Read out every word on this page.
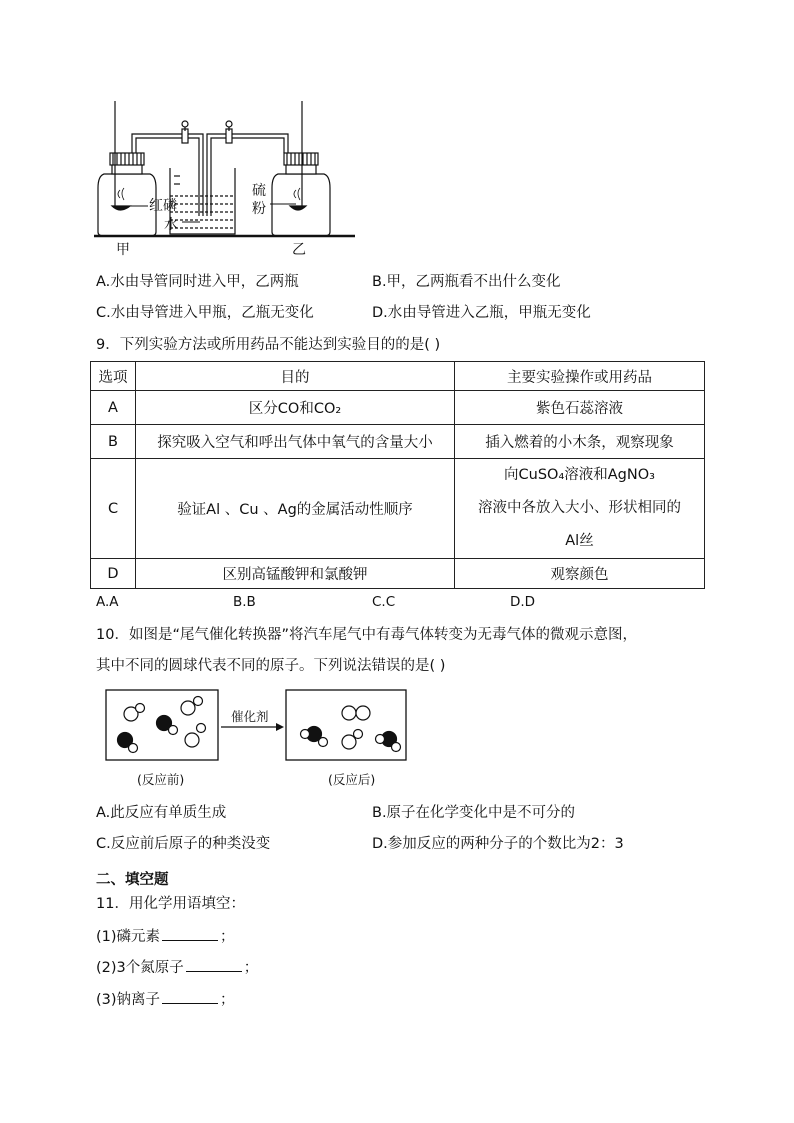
红磷
水
硫
粉
甲	乙
A.水由导管同时进入甲，乙两瓶	B.甲，乙两瓶看不出什么变化
C.水由导管进入甲瓶，乙瓶无变化	D.水由导管进入乙瓶，甲瓶无变化
9．下列实验方法或所用药品不能达到实验目的的是( )
选项	目的	主要实验操作或用药品
A	区分CO和CO₂	紫色石蕊溶液
B	探究吸入空气和呼出气体中氧气的含量大小	插入燃着的小木条，观察现象
C	验证Al 、Cu 、Ag的金属活动性顺序	向CuSO₄溶液和AgNO₃
溶液中各放入大小、形状相同的
Al丝

D	区别高锰酸钾和氯酸钾	观察颜色
A.A	B.B	C.C	D.D
10．如图是“尾气催化转换器”将汽车尾气中有毒气体转变为无毒气体的微观示意图，
其中不同的圆球代表不同的原子。下列说法错误的是( )
催化剂
(反应前)	(反应后)
A.此反应有单质生成	B.原子在化学变化中是不可分的
C.反应前后原子的种类没变	D.参加反应的两种分子的个数比为2：3
二、填空题
11．用化学用语填空：
(1)磷元素	；
(2)3个氮原子	；
(3)钠离子	；
